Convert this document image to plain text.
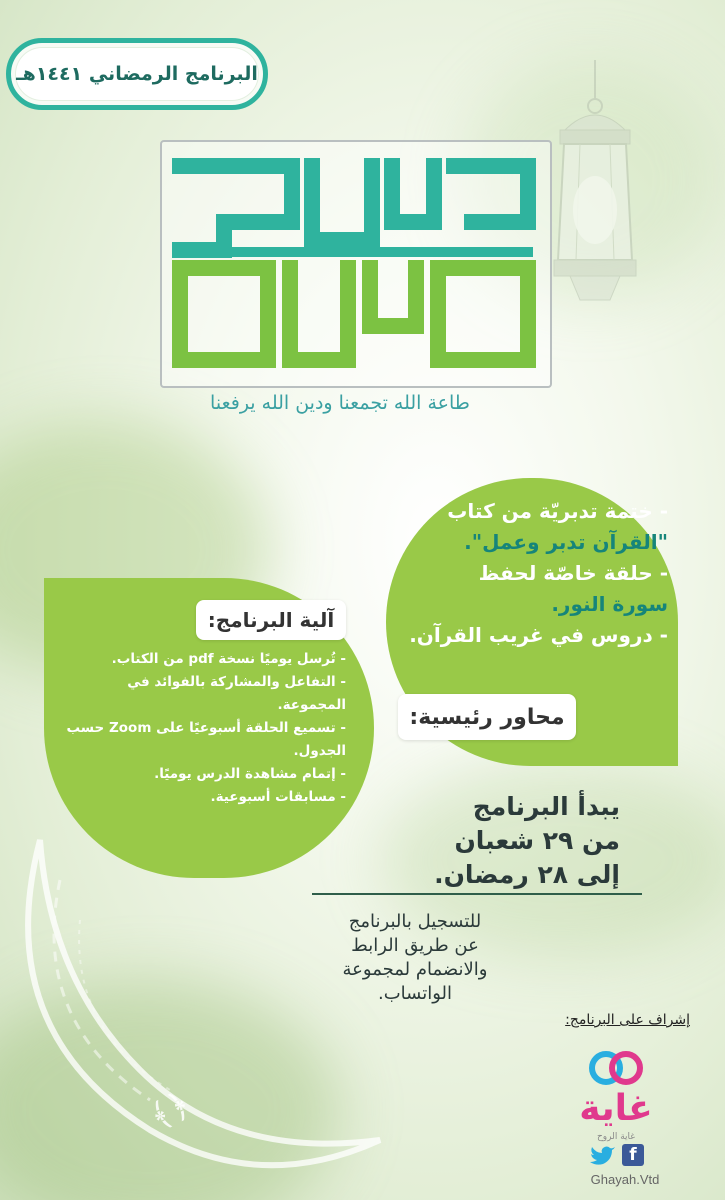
البرنامج الرمضاني ١٤٤١هـ
طاعة الله تجمعنا ودين الله يرفعنا
- ختمة تدبريّة من كتاب
"القرآن تدبر وعمل".
- حلقة خاصّة لحفظ
سورة النور.
- دروس في غريب القرآن.
محاور رئيسية:
آلية البرنامج:
- تُرسل يوميًا نسخة pdf من الكتاب.
- التفاعل والمشاركة بالفوائد في المجموعة.
- تسميع الحلقة أسبوعيًا على Zoom حسب الجدول.
- إتمام مشاهدة الدرس يوميًا.
- مسابقات أسبوعية.	يبدأ البرنامج
من ٢٩ شعبان
إلى ٢٨ رمضان.
للتسجيل بالبرنامج
عن طريق الرابط
والانضمام لمجموعة
الواتساب.
﴿﴾
إشراف على البرنامج:
غاية
غاية الروح
f
Ghayah.Vtd
